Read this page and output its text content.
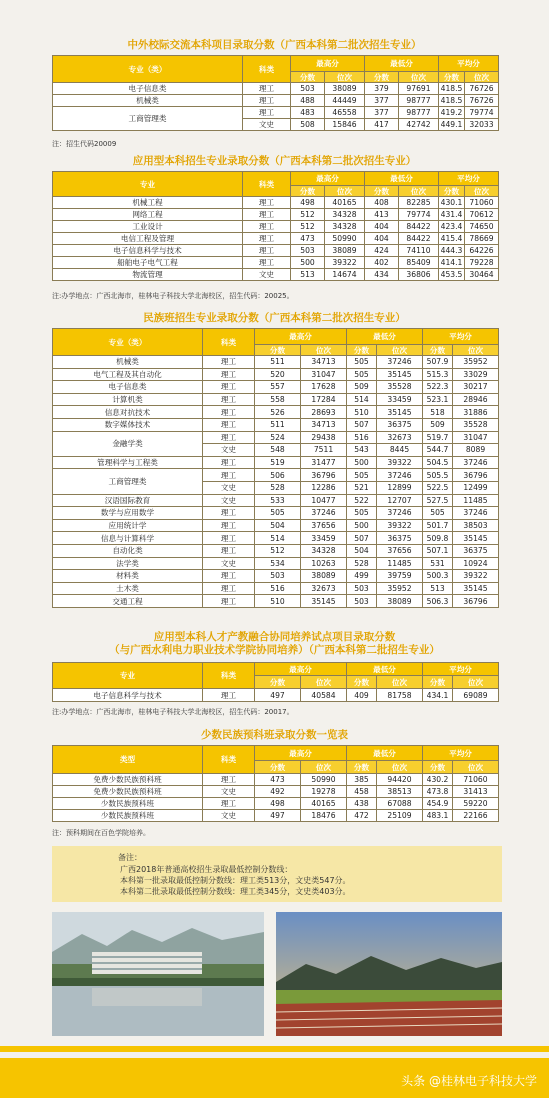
中外校际交流本科项目录取分数（广西本科第二批次招生专业）
专业（类）	科类	最高分		最低分		平均分	
		分数	位次	分数	位次	分数	位次
电子信息类	理工	503	38089	379	97691	418.5	76726
机械类	理工	488	44449	377	98777	418.5	76726
工商管理类	理工	483	46558	377	98777	419.2	79774
	文史	508	15846	417	42742	449.1	32033
注：招生代码20009
应用型本科招生专业录取分数（广西本科第二批次招生专业）
专业	科类	最高分		最低分		平均分	
		分数	位次	分数	位次	分数	位次
机械工程	理工	498	40165	408	82285	430.1	71060
网络工程	理工	512	34328	413	79774	431.4	70612
工业设计	理工	512	34328	404	84422	423.4	74650
电信工程及管理	理工	473	50990	404	84422	415.4	78669
电子信息科学与技术	理工	503	38089	424	74110	444.3	64226
船舶电子电气工程	理工	500	39322	402	85409	414.1	79228
物流管理	文史	513	14674	434	36806	453.5	30464
注:办学地点：广西北海市，桂林电子科技大学北海校区，招生代码：20025。
民族班招生专业录取分数（广西本科第二批次招生专业）
专业（类）	科类	最高分		最低分		平均分	
		分数	位次	分数	位次	分数	位次
机械类	理工	511	34713	505	37246	507.9	35952
电气工程及其自动化	理工	520	31047	505	35145	515.3	33029
电子信息类	理工	557	17628	509	35528	522.3	30217
计算机类	理工	558	17284	514	33459	523.1	28946
信息对抗技术	理工	526	28693	510	35145	518	31886
数字媒体技术	理工	511	34713	507	36375	509	35528
金融学类	理工	524	29438	516	32673	519.7	31047
	文史	548	7511	543	8445	544.7	8089
管理科学与工程类	理工	519	31477	500	39322	504.5	37246
工商管理类	理工	506	36796	505	37246	505.5	36796
	文史	528	12286	521	12899	522.5	12499
汉语国际教育	文史	533	10477	522	12707	527.5	11485
数学与应用数学	理工	505	37246	505	37246	505	37246
应用统计学	理工	504	37656	500	39322	501.7	38503
信息与计算科学	理工	514	33459	507	36375	509.8	35145
自动化类	理工	512	34328	504	37656	507.1	36375
法学类	文史	534	10263	528	11485	531	10924
材料类	理工	503	38089	499	39759	500.3	39322
土木类	理工	516	32673	503	35952	513	35145
交通工程	理工	510	35145	503	38089	506.3	36796
应用型本科人才产教融合协同培养试点项目录取分数
（与广西水利电力职业技术学院协同培养）（广西本科第二批招生专业）
专业	科类	最高分		最低分		平均分	
		分数	位次	分数	位次	分数	位次
电子信息科学与技术	理工	497	40584	409	81758	434.1	69089
注:办学地点：广西北海市，桂林电子科技大学北海校区，招生代码：20017。
少数民族预科班录取分数一览表
类型	科类	最高分		最低分		平均分	
		分数	位次	分数	位次	分数	位次
免费少数民族预科班	理工	473	50990	385	94420	430.2	71060
免费少数民族预科班	文史	492	19278	458	38513	473.8	31413
少数民族预科班	理工	498	40165	438	67088	454.9	59220
少数民族预科班	文史	497	18476	472	25109	483.1	22166
注：预科期间在百色学院培养。
备注：
广西2018年普通高校招生录取最低控制分数线：
本科第一批录取最低控制分数线：理工类513分，文史类547分。
本科第二批录取最低控制分数线：理工类345分，文史类403分。
头条 @桂林电子科技大学
